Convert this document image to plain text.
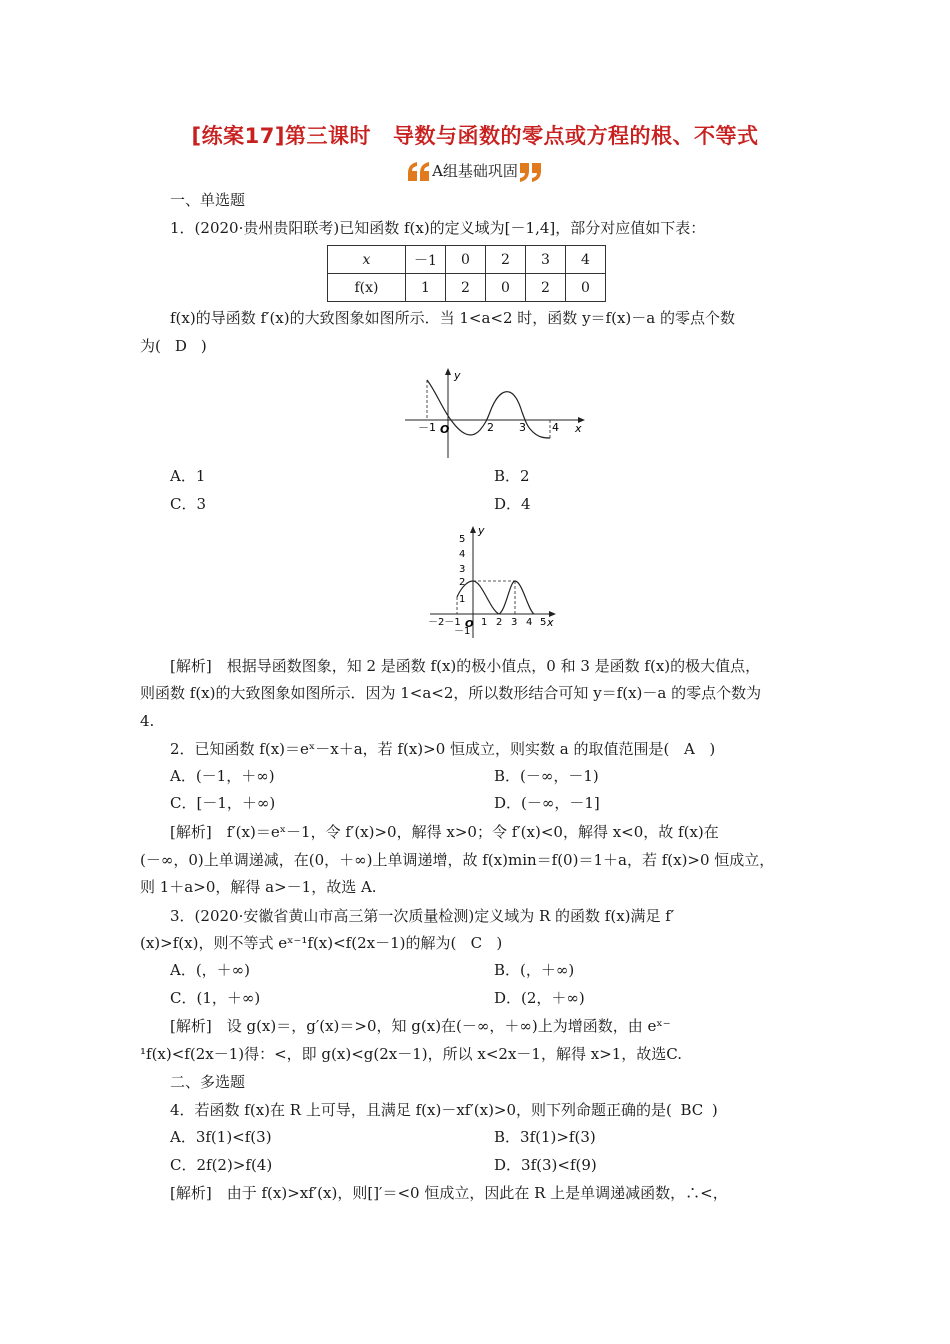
[练案17]第三课时 导数与函数的零点或方程的根、不等式
A组基础巩固
一、单选题
1．(2020·贵州贵阳联考)已知函数 f(x)的定义域为[－1,4]，部分对应值如下表：
x	－1	0	2	3	4
f(x)	1	2	0	2	0
f(x)的导函数 f′(x)的大致图象如图所示．当 1<a<2 时，函数 y＝f(x)－a 的零点个数
为( D )
－1 O	2 3 4 x
y
A．1	B．2
C．3	D．4
5
4
3
2
1
－1
－2－1 O 1 2 3 4 5 x
y
[解析]　根据导函数图象，知 2 是函数 f(x)的极小值点，0 和 3 是函数 f(x)的极大值点，
则函数 f(x)的大致图象如图所示．因为 1<a<2，所以数形结合可知 y＝f(x)－a 的零点个数为
4.
2．已知函数 f(x)＝eˣ－x＋a，若 f(x)>0 恒成立，则实数 a 的取值范围是( A )
A．(－1，＋∞)	B．(－∞，－1)
C．[－1，＋∞)	D．(－∞，－1]
[解析]　f′(x)＝eˣ－1，令 f′(x)>0，解得 x>0；令 f′(x)<0，解得 x<0，故 f(x)在
(－∞，0)上单调递减，在(0，＋∞)上单调递增，故 f(x)min＝f(0)＝1＋a，若 f(x)>0 恒成立，
则 1＋a>0，解得 a>－1，故选 A.
3．(2020·安徽省黄山市高三第一次质量检测)定义域为 R 的函数 f(x)满足 f′
(x)>f(x)，则不等式 eˣ⁻¹f(x)<f(2x－1)的解为( C )
A．(，＋∞)	B．(，＋∞)
C．(1，＋∞)	D．(2，＋∞)
[解析]　设 g(x)＝，g′(x)＝>0，知 g(x)在(－∞，＋∞)上为增函数，由 eˣ⁻
¹f(x)<f(2x－1)得：<，即 g(x)<g(2x－1)，所以 x<2x－1，解得 x>1，故选C.
二、多选题
4．若函数 f(x)在 R 上可导，且满足 f(x)－xf′(x)>0，则下列命题正确的是( BC )
A．3f(1)<f(3)	B．3f(1)>f(3)
C．2f(2)>f(4)	D．3f(3)<f(9)
[解析]　由于 f(x)>xf′(x)，则[]′＝<0 恒成立，因此在 R 上是单调递减函数，∴<，
